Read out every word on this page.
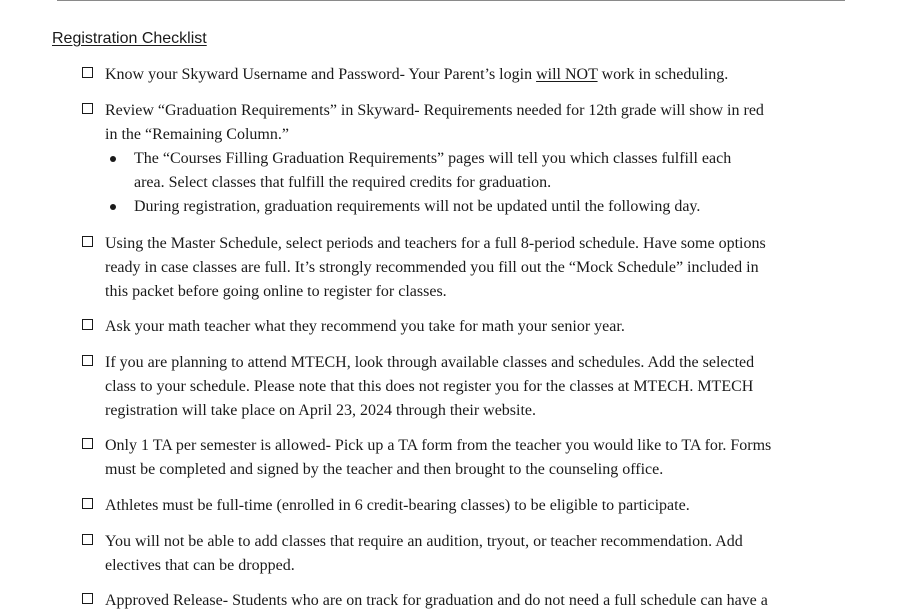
Registration Checklist
Know your Skyward Username and Password- Your Parent’s login will NOT work in scheduling.
Review “Graduation Requirements” in Skyward- Requirements needed for 12th grade will show in red
in the “Remaining Column.”
The “Courses Filling Graduation Requirements” pages will tell you which classes fulfill each
area. Select classes that fulfill the required credits for graduation.
During registration, graduation requirements will not be updated until the following day.
Using the Master Schedule, select periods and teachers for a full 8-period schedule. Have some options
ready in case classes are full. It’s strongly recommended you fill out the “Mock Schedule” included in
this packet before going online to register for classes.
Ask your math teacher what they recommend you take for math your senior year.
If you are planning to attend MTECH, look through available classes and schedules. Add the selected
class to your schedule. Please note that this does not register you for the classes at MTECH. MTECH
registration will take place on April 23, 2024 through their website.
Only 1 TA per semester is allowed- Pick up a TA form from the teacher you would like to TA for. Forms
must be completed and signed by the teacher and then brought to the counseling office.
Athletes must be full-time (enrolled in 6 credit-bearing classes) to be eligible to participate.
You will not be able to add classes that require an audition, tryout, or teacher recommendation. Add
electives that can be dropped.
Approved Release- Students who are on track for graduation and do not need a full schedule can have a
